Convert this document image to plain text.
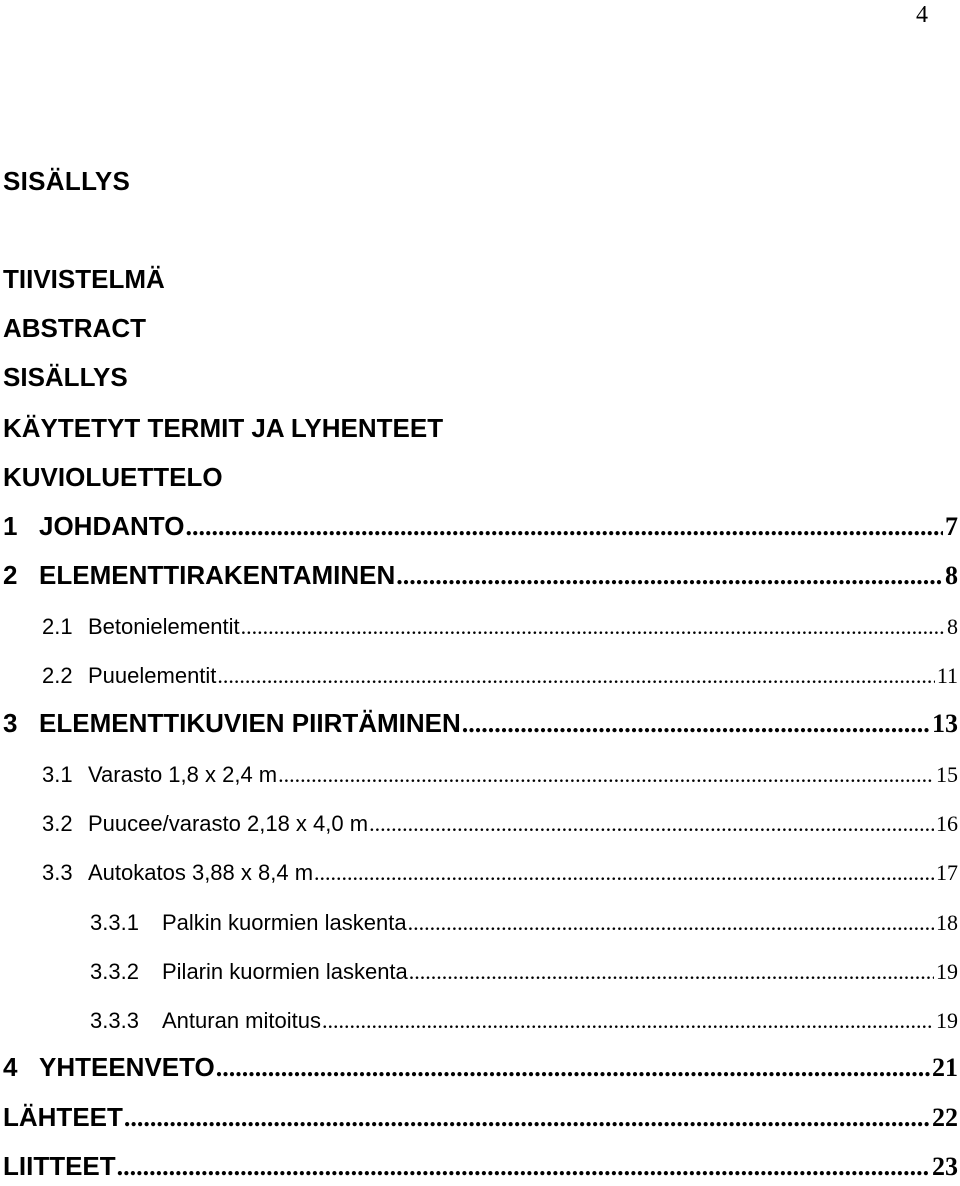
4
SISÄLLYS
TIIVISTELMÄ
ABSTRACT
SISÄLLYS
KÄYTETYT TERMIT JA LYHENTEET
KUVIOLUETTELO
1 JOHDANTO .....	7
2 ELEMENTTIRAKENTAMINEN .....	8
2.1 Betonielementit .....	8
2.2 Puuelementit .....	11
3 ELEMENTTIKUVIEN PIIRTÄMINEN .....	13
3.1 Varasto 1,8 x 2,4 m .....	15
3.2 Puucee/varasto 2,18 x 4,0 m .....	16
3.3 Autokatos 3,88 x 8,4 m .....	17
3.3.1 Palkin kuormien laskenta .....	18
3.3.2 Pilarin kuormien laskenta .....	19
3.3.3 Anturan mitoitus .....	19
4 YHTEENVETO .....	21
LÄHTEET .....	22
LIITTEET .....	23
